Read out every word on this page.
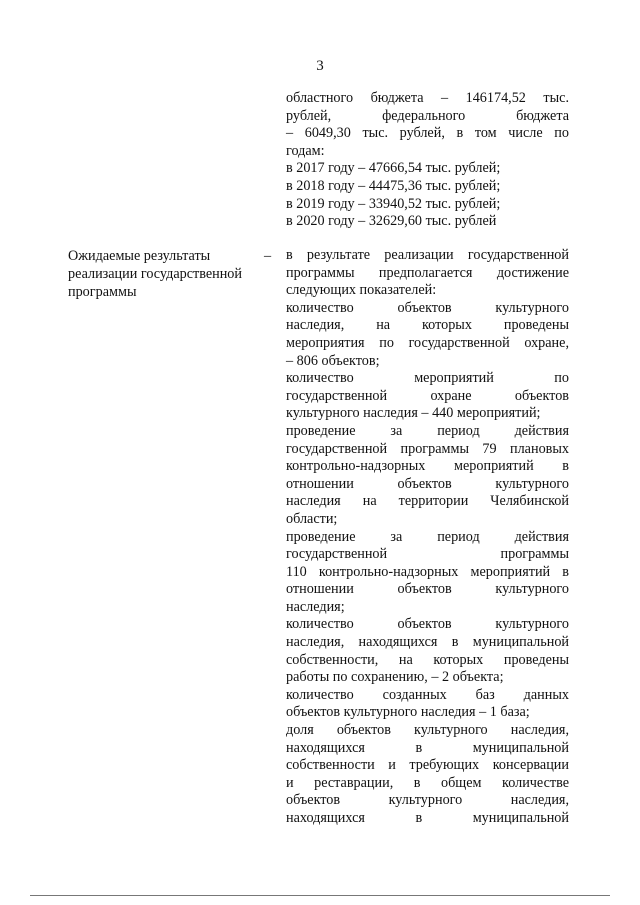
3
областного бюджета – 146174,52 тыс.
рублей, федерального бюджета
– 6049,30 тыс. рублей, в том числе по
годам:
в 2017 году – 47666,54 тыс. рублей;
в 2018 году – 44475,36 тыс. рублей;
в 2019 году – 33940,52 тыс. рублей;
в 2020 году – 32629,60 тыс. рублей
Ожидаемые результаты
реализации государственной
программы
– в результате реализации государственной
программы предполагается достижение
следующих показателей:
количество объектов культурного
наследия, на которых проведены
мероприятия по государственной охране,
– 806 объектов;
количество мероприятий по
государственной охране объектов
культурного наследия – 440 мероприятий;
проведение за период действия
государственной программы 79 плановых
контрольно-надзорных мероприятий в
отношении объектов культурного
наследия на территории Челябинской
области;
проведение за период действия
государственной программы
110 контрольно-надзорных мероприятий в
отношении объектов культурного
наследия;
количество объектов культурного
наследия, находящихся в муниципальной
собственности, на которых проведены
работы по сохранению, – 2 объекта;
количество созданных баз данных
объектов культурного наследия – 1 база;
доля объектов культурного наследия,
находящихся в муниципальной
собственности и требующих консервации
и реставрации, в общем количестве
объектов культурного наследия,
находящихся в муниципальной
